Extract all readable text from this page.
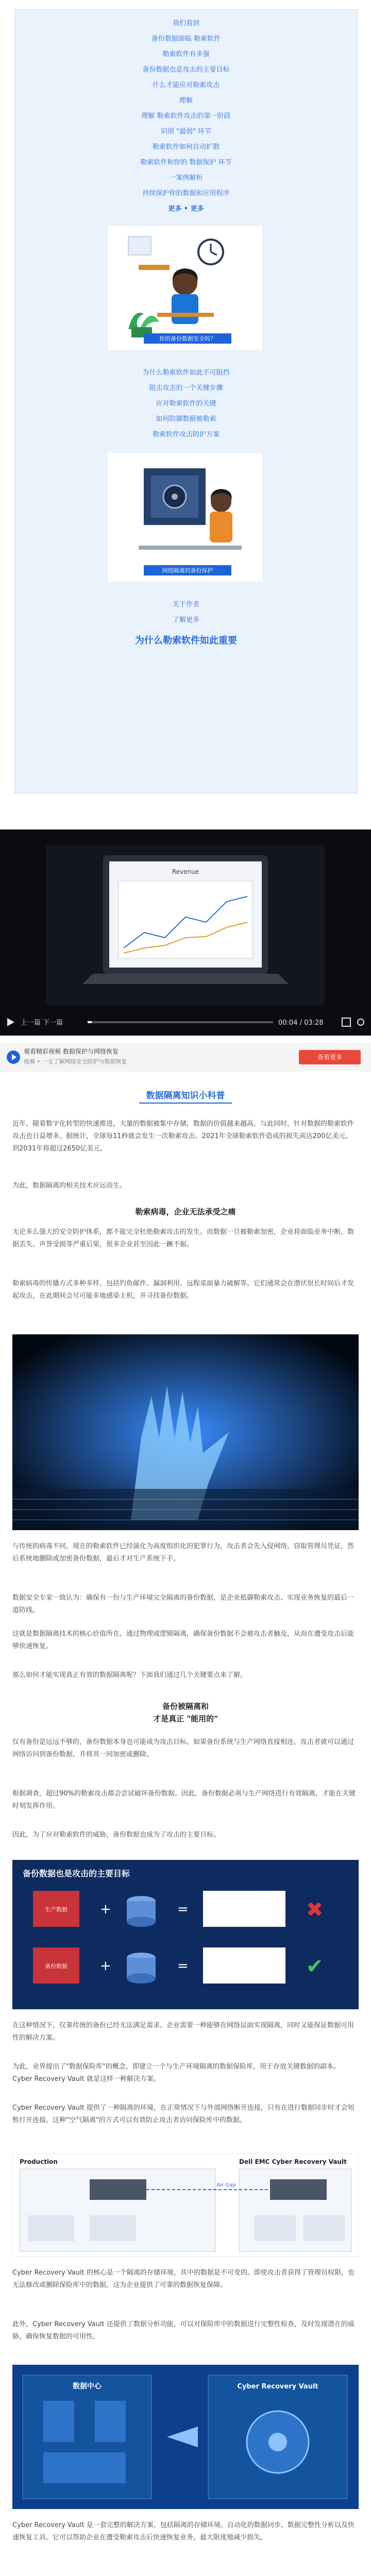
我们看到
备份数据面临 勒索软件
勒索软件有多强
备份数据也是攻击的主要目标
什么才能应对勒索攻击
理解
理解 勒索软件攻击的第一阶段
识别 "最弱" 环节
勒索软件如何自动扩散
勒索软件和你的 数据保护 环节
一案例解析
持续保护你的数据和应用程序
更多 • 更多
你的备份数据安全吗？
为什么勒索软件如此不可阻挡
阻击攻击的一个关键步骤
应对勒索软件的关键
如何防御数据被勒索
勒索软件攻击防护方案
网络隔离的备份保护
关于作者
了解更多
为什么勒索软件如此重要
Revenue
上一篇 下一篇	00:04 / 03:28
观看精彩视频 数据保护与网络恢复
视频 • 一文了解网络安全防护与数据恢复
查看更多
数据隔离知识小科普
近年，随着数字化转型的快速推进，大量的数据被集中存储，数据的价值越来越高，与此同时，针对数据的勒索软件攻击也日益增多。据统计，全球每11秒就会发生一次勒索攻击。2021年全球勒索软件造成的损失高达200亿美元，到2031年将超过2650亿美元。
为此，数据隔离的相关技术应运而生。
勒索病毒，企业无法承受之痛
无论多么强大的安全防护体系，都不能完全杜绝勒索攻击的发生。而数据一旦被勒索加密，企业将面临业务中断、数据丢失、声誉受损等严重后果，很多企业甚至因此一蹶不振。
勒索病毒的传播方式多种多样，包括钓鱼邮件、漏洞利用、远程桌面暴力破解等。它们通常会在潜伏很长时间后才发起攻击，在此期间会尽可能多地感染主机，并寻找备份数据。
与传统的病毒不同，现在的勒索软件已经演化为高度组织化的犯罪行为。攻击者会先入侵网络，窃取管理员凭证，然后系统地删除或加密备份数据，最后才对生产系统下手。
数据安全专家一致认为：确保有一份与生产环境完全隔离的备份数据，是企业抵御勒索攻击、实现业务恢复的最后一道防线。
这就是数据隔离技术的核心价值所在。通过物理或逻辑隔离，确保备份数据不会被攻击者触及，从而在遭受攻击后能够快速恢复。
那么如何才能实现真正有效的数据隔离呢？下面我们通过几个关键要点来了解。
备份被隔离和
才是真正 "能用的"
仅有备份是远远不够的，备份数据本身也可能成为攻击目标。如果备份系统与生产网络直接相连，攻击者就可以通过网络访问到备份数据，并将其一同加密或删除。
根据调查，超过90%的勒索攻击都会尝试破坏备份数据。因此，备份数据必须与生产网络进行有效隔离，才能在关键时刻发挥作用。
因此，为了应对勒索软件的威胁，备份数据也成为了攻击的主要目标。
备份数据也是攻击的主要目标
生产数据 +	=	✖
备份数据 +	=	✔
在这种情况下，仅靠传统的备份已经无法满足需求。企业需要一种能够在网络层面实现隔离，同时又能保证数据可用性的解决方案。
为此，业界提出了"数据保险库"的概念，即建立一个与生产环境隔离的数据保险库，用于存放关键数据的副本。Cyber Recovery Vault 就是这样一种解决方案。
Cyber Recovery Vault 提供了一种隔离的环境，在正常情况下与外部网络断开连接，只有在进行数据同步时才会短暂打开连接。这种"空气隔离"的方式可以有效防止攻击者访问保险库中的数据。
Production	Dell EMC Cyber Recovery Vault
Air Gap
Cyber Recovery Vault 的核心是一个隔离的存储环境，其中的数据是不可变的。即使攻击者获得了管理员权限，也无法修改或删除保险库中的数据。这为企业提供了可靠的数据恢复保障。
此外，Cyber Recovery Vault 还提供了数据分析功能，可以对保险库中的数据进行完整性检查，及时发现潜在的威胁，确保恢复数据的可用性。
数据中心	Cyber Recovery Vault
Cyber Recovery Vault 是一套完整的解决方案，包括隔离的存储环境、自动化的数据同步、数据完整性分析以及快速恢复工具。它可以帮助企业在遭受勒索攻击后快速恢复业务，最大限度地减少损失。
